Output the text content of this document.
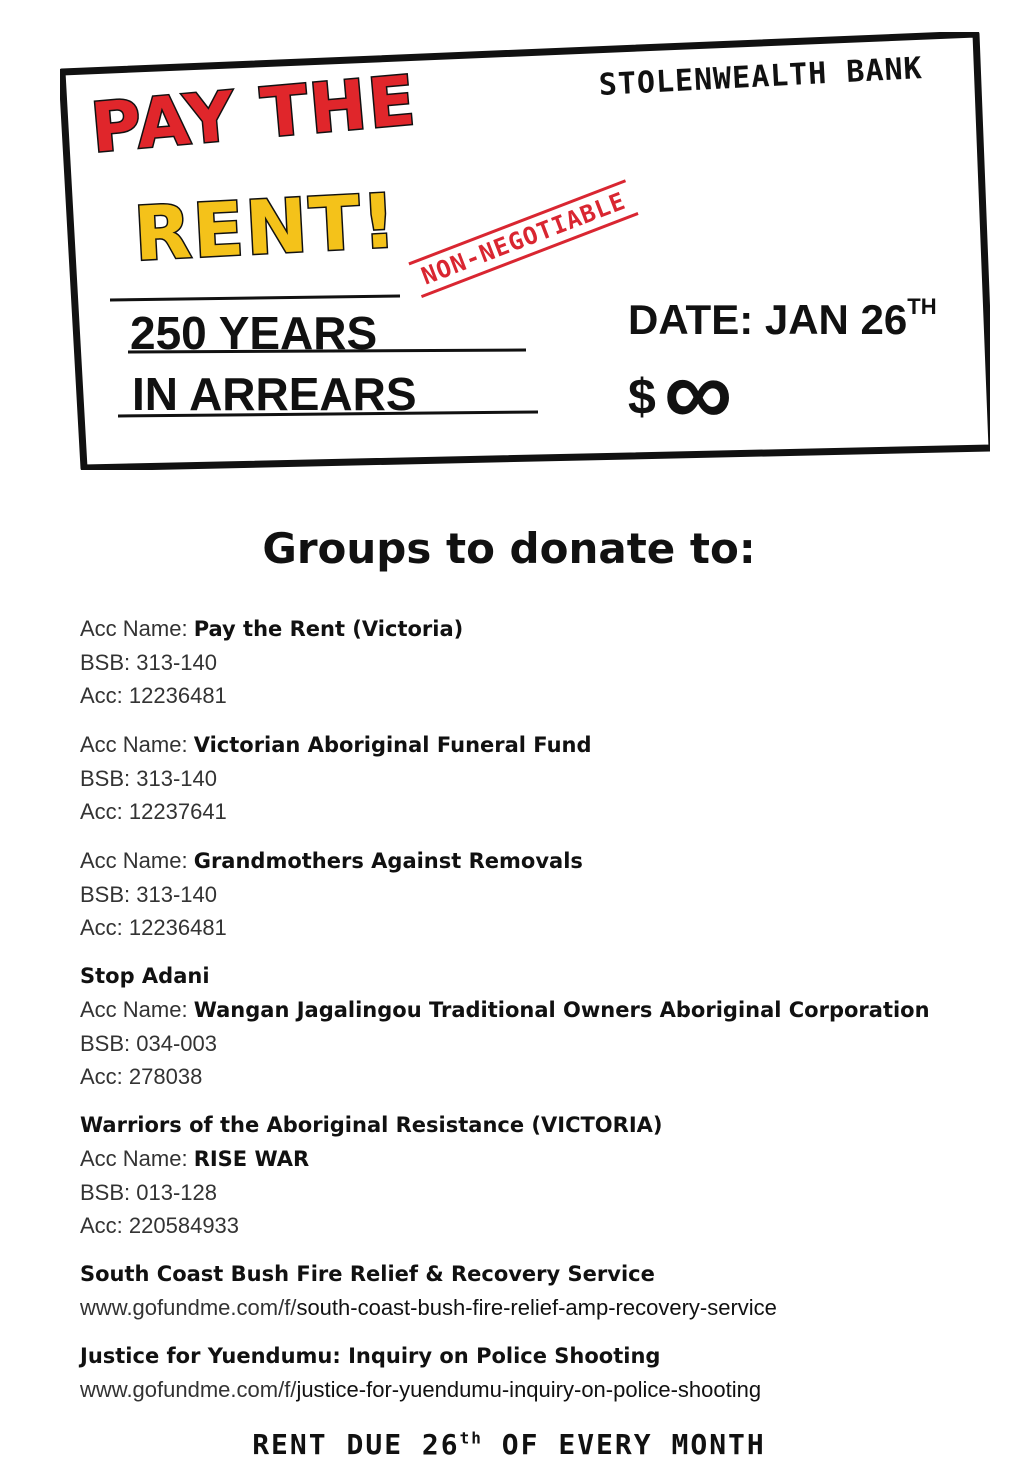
STOLENWEALTH BANK
PAY THE
RENT!
250 YEARS
IN ARREARS
NON-NEGOTIABLE
DATE: JAN 26TH
$ ∞
Groups to donate to:
Acc Name: Pay the Rent (Victoria)
BSB: 313-140
Acc: 12236481
Acc Name: Victorian Aboriginal Funeral Fund
BSB: 313-140
Acc: 12237641
Acc Name: Grandmothers Against Removals
BSB: 313-140
Acc: 12236481
Stop Adani
Acc Name: Wangan Jagalingou Traditional Owners Aboriginal Corporation
BSB: 034-003
Acc: 278038
Warriors of the Aboriginal Resistance (VICTORIA)
Acc Name: RISE WAR
BSB: 013-128
Acc: 220584933
South Coast Bush Fire Relief & Recovery Service
www.gofundme.com/f/south-coast-bush-fire-relief-amp-recovery-service
Justice for Yuendumu: Inquiry on Police Shooting
www.gofundme.com/f/justice-for-yuendumu-inquiry-on-police-shooting
RENT DUE 26th OF EVERY MONTH
